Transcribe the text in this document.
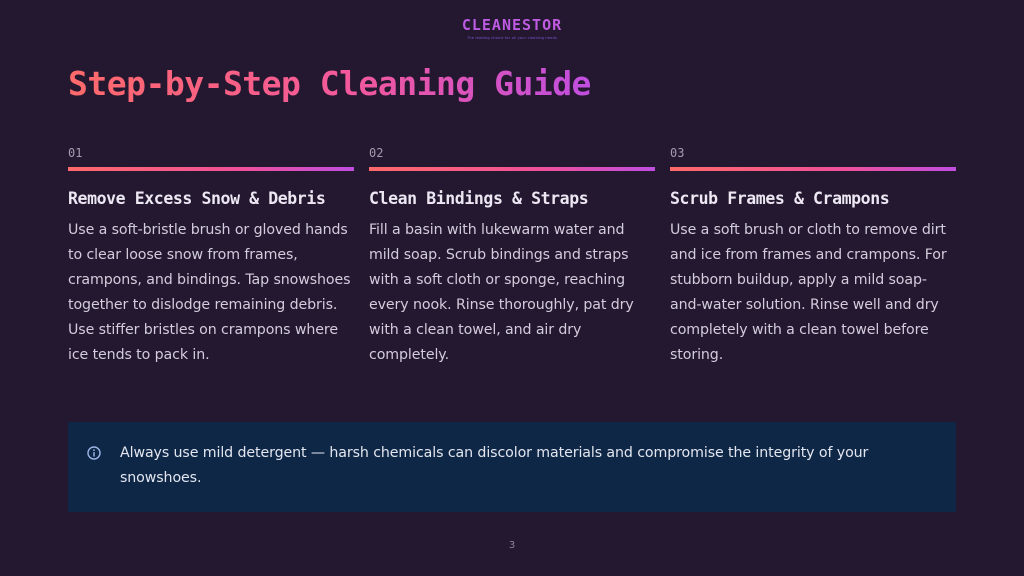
CLEANESTOR
The leading choice for all your cleaning needs
Step-by-Step Cleaning Guide
01
Remove Excess Snow & Debris
Use a soft-bristle brush or gloved hands to clear loose snow from frames, crampons, and bindings. Tap snowshoes together to dislodge remaining debris. Use stiffer bristles on crampons where ice tends to pack in.
02
Clean Bindings & Straps
Fill a basin with lukewarm water and mild soap. Scrub bindings and straps with a soft cloth or sponge, reaching every nook. Rinse thoroughly, pat dry with a clean towel, and air dry completely.
03
Scrub Frames & Crampons
Use a soft brush or cloth to remove dirt and ice from frames and crampons. For stubborn buildup, apply a mild soap-and-water solution. Rinse well and dry completely with a clean towel before storing.
Always use mild detergent — harsh chemicals can discolor materials and compromise the integrity of your snowshoes.
3
